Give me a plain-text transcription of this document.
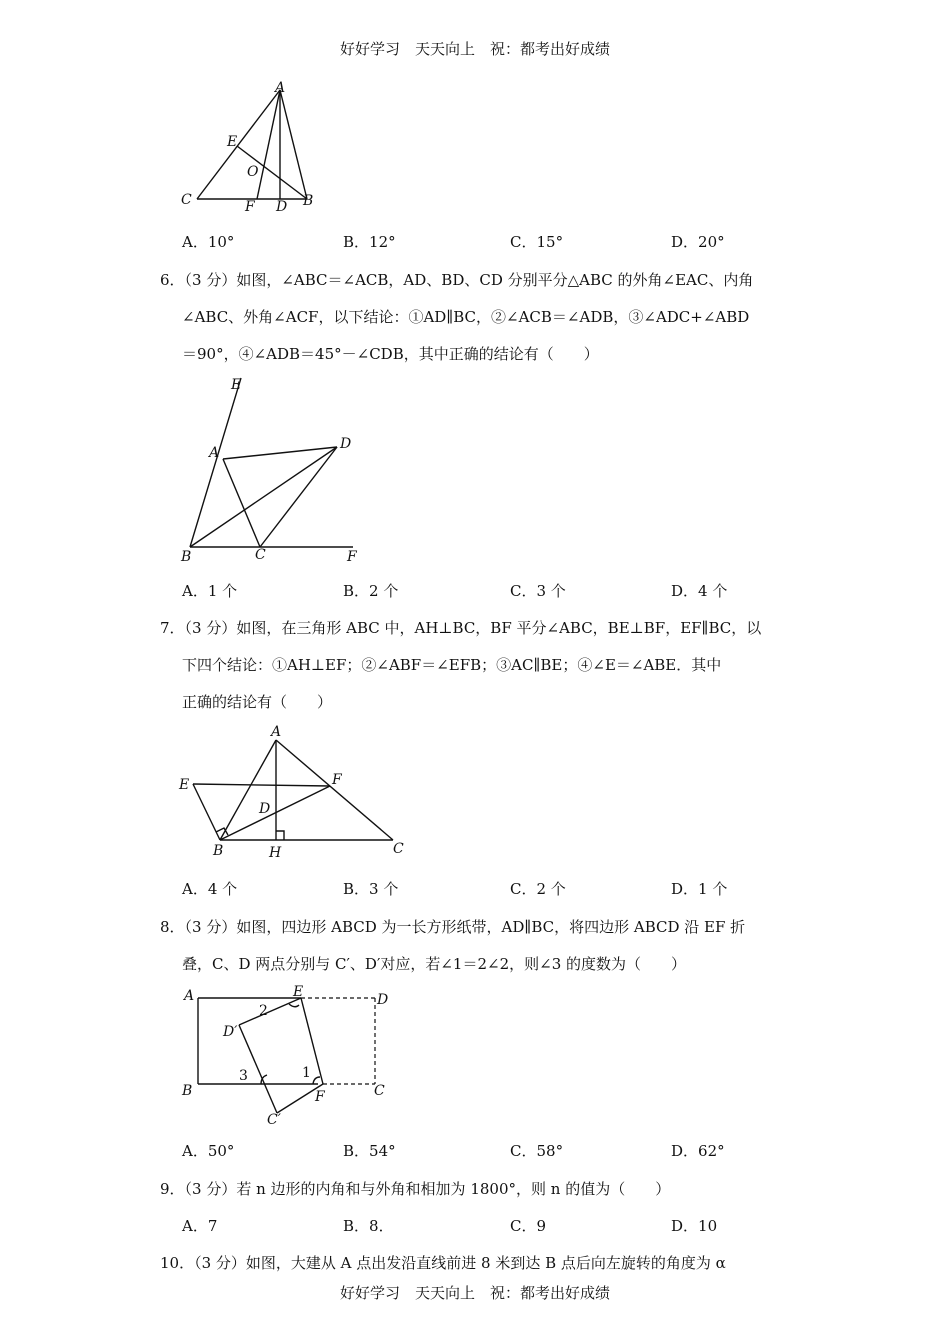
好好学习　天天向上　祝：都考出好成绩
A
E
O
C	F D B
A．10°	B．12°	C．15°	D．20°
6．（3 分）如图，∠ABC＝∠ACB，AD、BD、CD 分别平分△ABC 的外角∠EAC、内角
∠ABC、外角∠ACF，以下结论：①AD∥BC，②∠ACB＝∠ADB，③∠ADC+∠ABD
＝90°，④∠ADB＝45°－∠CDB，其中正确的结论有（　　）
E
A
D
B	C	F
A．1 个	B．2 个	C．3 个	D．4 个
7．（3 分）如图，在三角形 ABC 中，AH⊥BC，BF 平分∠ABC，BE⊥BF，EF∥BC，以
下四个结论：①AH⊥EF；②∠ABF＝∠EFB；③AC∥BE；④∠E＝∠ABE．其中
正确的结论有（　　）
A
E	F
D
B	H	C
A．4 个	B．3 个	C．2 个	D．1 个
8．（3 分）如图，四边形 ABCD 为一长方形纸带，AD∥BC，将四边形 ABCD 沿 EF 折
叠，C、D 两点分别与 C′、D′对应，若∠1＝2∠2，则∠3 的度数为（　　）
A	E	D
2
D′
B
3	1
F	C
C′
A．50°	B．54°	C．58°	D．62°
9．（3 分）若 n 边形的内角和与外角和相加为 1800°，则 n 的值为（　　）
A．7	B．8．	C．9	D．10
10．（3 分）如图，大建从 A 点出发沿直线前进 8 米到达 B 点后向左旋转的角度为 α
好好学习　天天向上　祝：都考出好成绩
